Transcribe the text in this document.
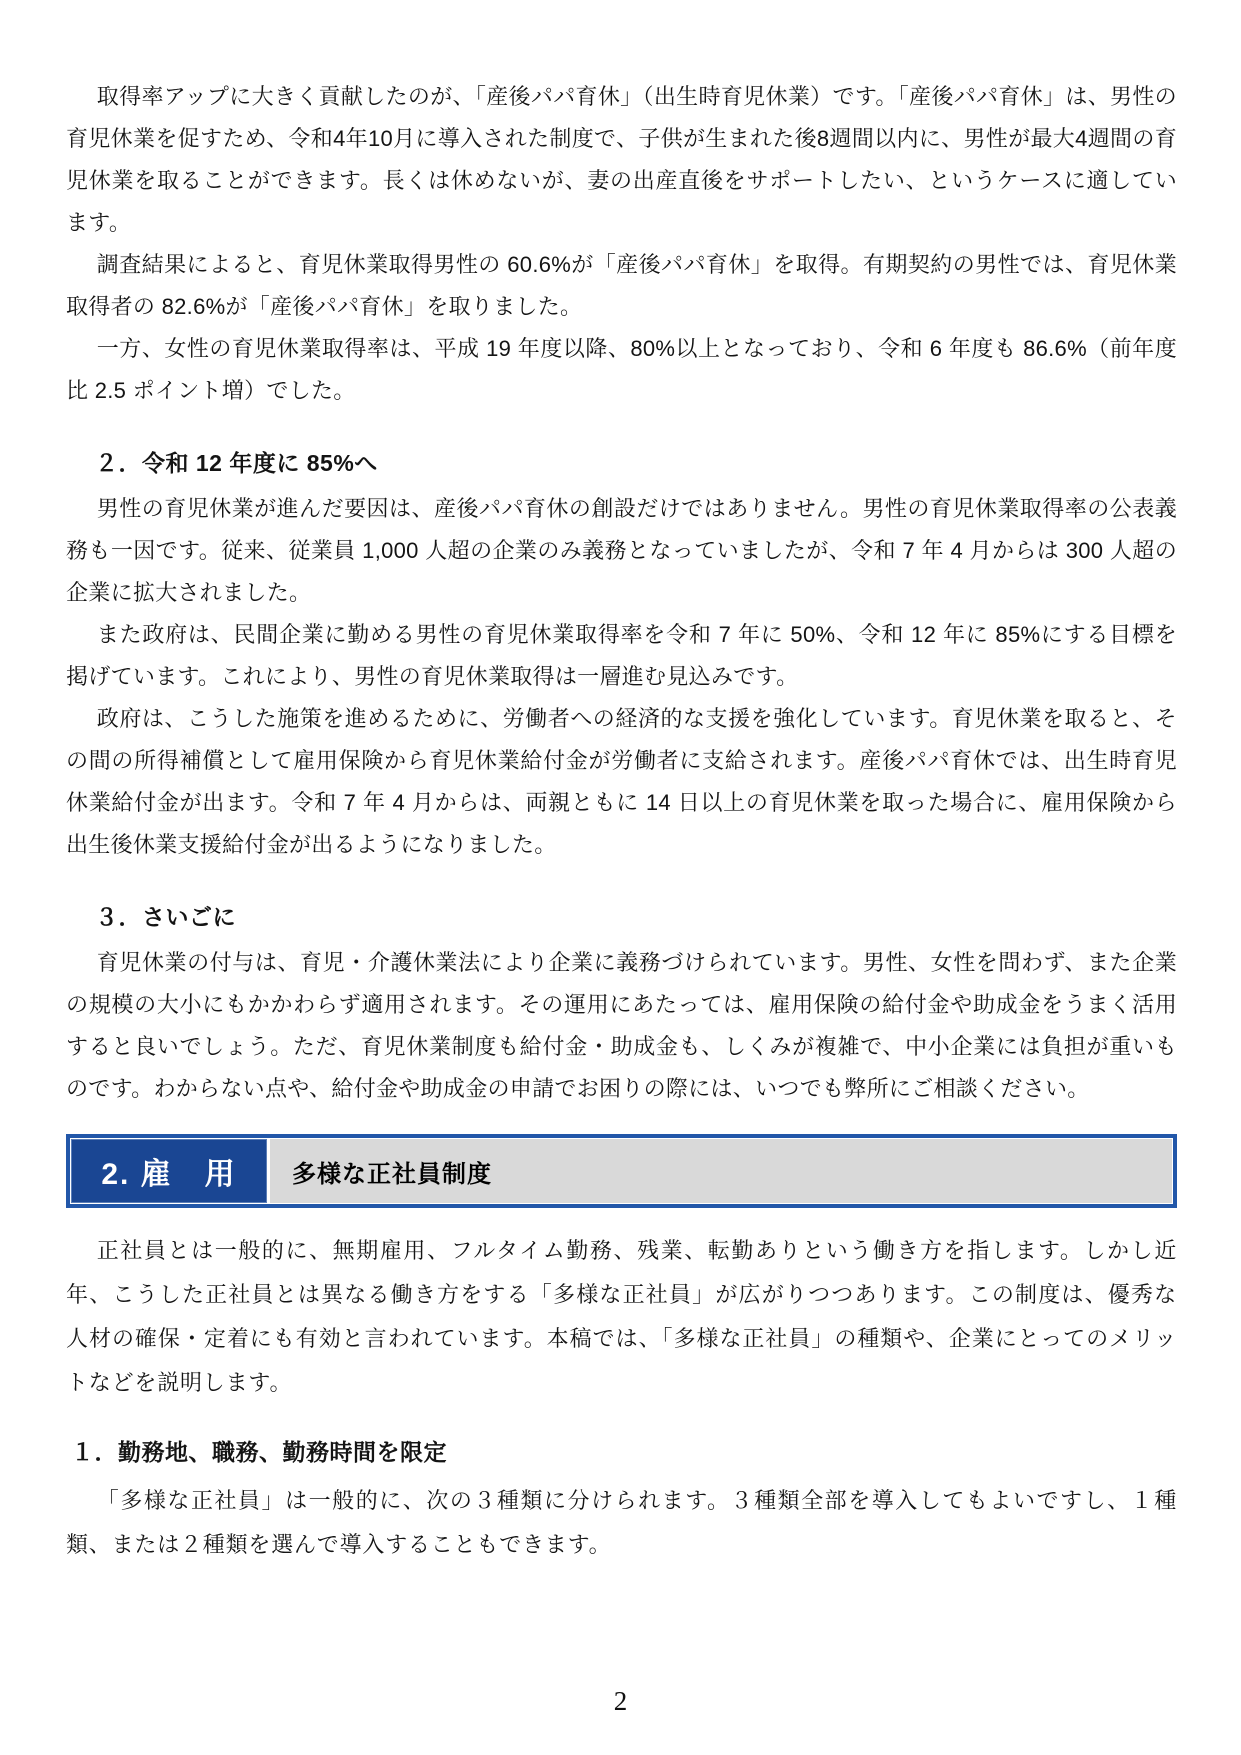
取得率アップに大きく貢献したのが、「産後パパ育休」（出生時育児休業）です。「産後パパ育休」は、男性の育児休業を促すため、令和4年10月に導入された制度で、子供が生まれた後8週間以内に、男性が最大4週間の育児休業を取ることができます。長くは休めないが、妻の出産直後をサポートしたい、というケースに適しています。

調査結果によると、育児休業取得男性の 60.6%が「産後パパ育休」を取得。有期契約の男性では、育児休業取得者の 82.6%が「産後パパ育休」を取りました。

一方、女性の育児休業取得率は、平成 19 年度以降、80%以上となっており、令和 6 年度も 86.6%（前年度比 2.5 ポイント増）でした。

２．令和 12 年度に 85%へ

男性の育児休業が進んだ要因は、産後パパ育休の創設だけではありません。男性の育児休業取得率の公表義務も一因です。従来、従業員 1,000 人超の企業のみ義務となっていましたが、令和 7 年 4 月からは 300 人超の企業に拡大されました。

また政府は、民間企業に勤める男性の育児休業取得率を令和 7 年に 50%、令和 12 年に 85%にする目標を掲げています。これにより、男性の育児休業取得は一層進む見込みです。

政府は、こうした施策を進めるために、労働者への経済的な支援を強化しています。育児休業を取ると、その間の所得補償として雇用保険から育児休業給付金が労働者に支給されます。産後パパ育休では、出生時育児休業給付金が出ます。令和 7 年 4 月からは、両親ともに 14 日以上の育児休業を取った場合に、雇用保険から出生後休業支援給付金が出るようになりました。

３．さいごに

育児休業の付与は、育児・介護休業法により企業に義務づけられています。男性、女性を問わず、また企業の規模の大小にもかかわらず適用されます。その運用にあたっては、雇用保険の給付金や助成金をうまく活用すると良いでしょう。ただ、育児休業制度も給付金・助成金も、しくみが複雑で、中小企業には負担が重いものです。わからない点や、給付金や助成金の申請でお困りの際には、いつでも弊所にご相談ください。

2. 雇　用	多様な正社員制度

正社員とは一般的に、無期雇用、フルタイム勤務、残業、転勤ありという働き方を指します。しかし近年、こうした正社員とは異なる働き方をする「多様な正社員」が広がりつつあります。この制度は、優秀な人材の確保・定着にも有効と言われています。本稿では、「多様な正社員」の種類や、企業にとってのメリットなどを説明します。

１．勤務地、職務、勤務時間を限定

「多様な正社員」は一般的に、次の３種類に分けられます。３種類全部を導入してもよいですし、１種類、または２種類を選んで導入することもできます。

2
